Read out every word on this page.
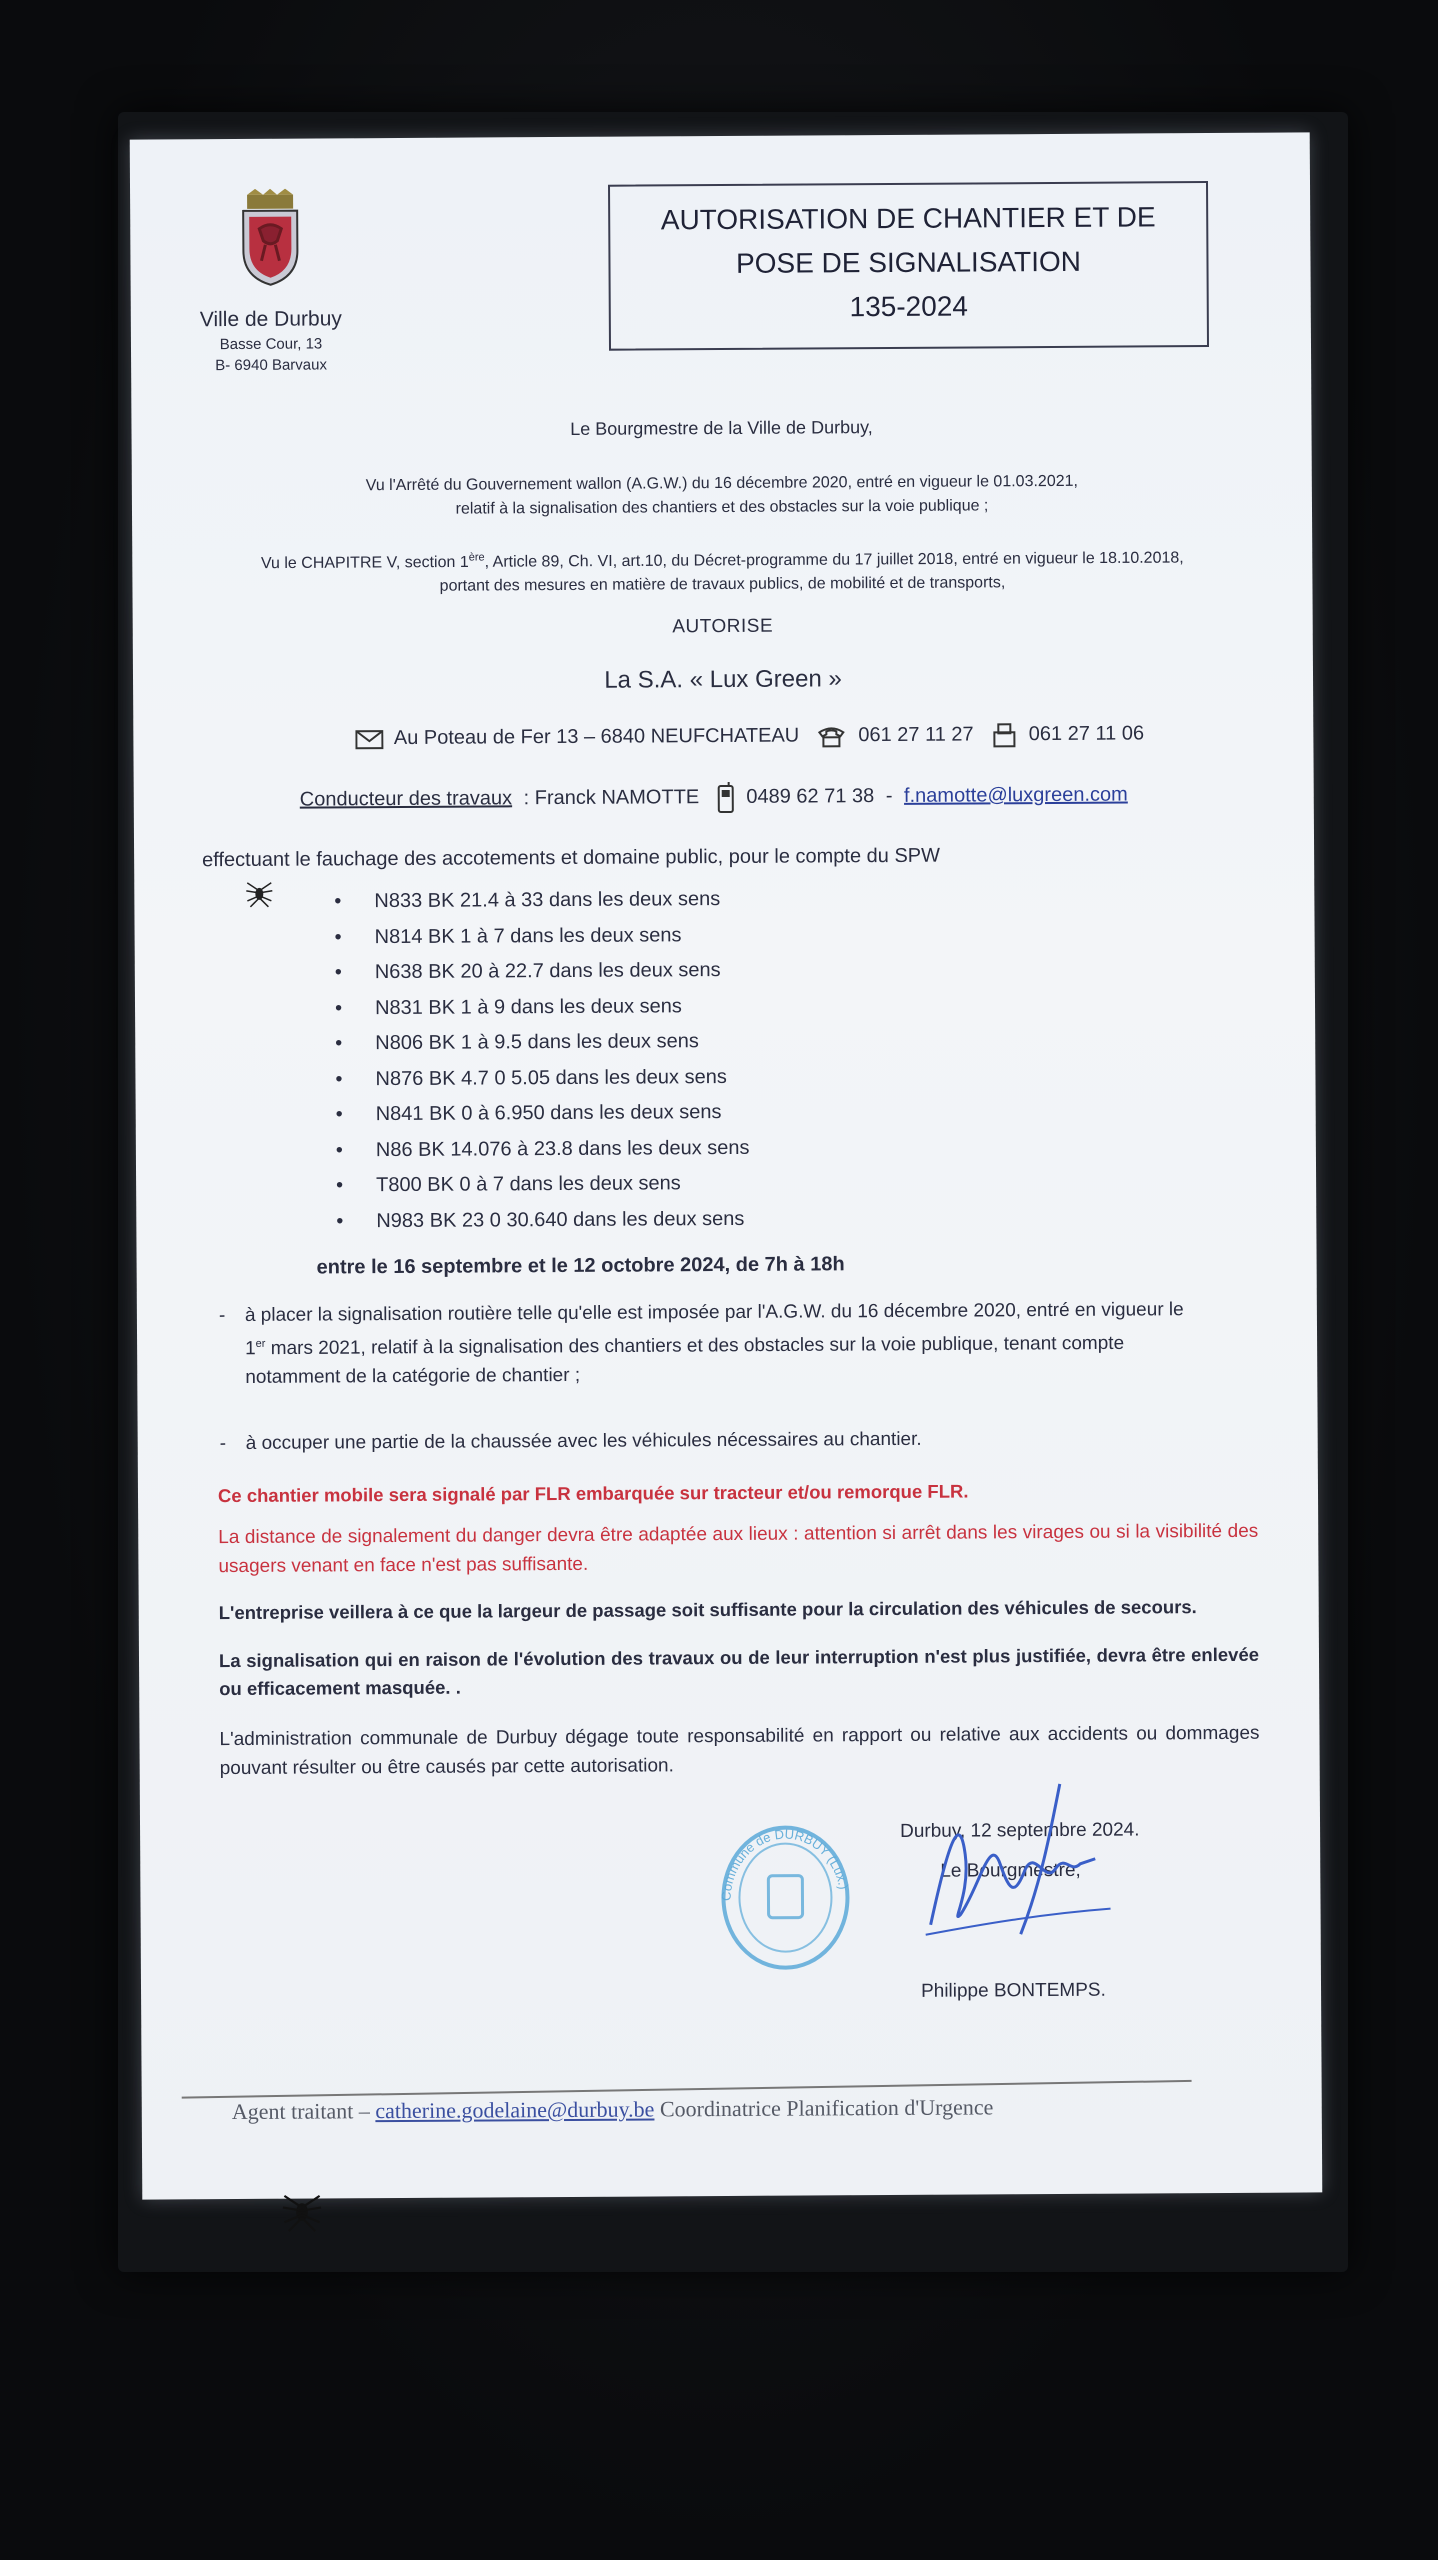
Ville de Durbuy
Basse Cour, 13
B- 6940 Barvaux
AUTORISATION DE CHANTIER ET DE
POSE DE SIGNALISATION
135-2024
Le Bourgmestre de la Ville de Durbuy,
Vu l'Arrêté du Gouvernement wallon (A.G.W.) du 16 décembre 2020, entré en vigueur le 01.03.2021,
relatif à la signalisation des chantiers et des obstacles sur la voie publique ;
Vu le CHAPITRE V, section 1ère, Article 89, Ch. VI, art.10, du Décret-programme du 17 juillet 2018, entré en vigueur le 18.10.2018,
portant des mesures en matière de travaux publics, de mobilité et de transports,
AUTORISE
La S.A. « Lux Green »
Au Poteau de Fer 13 – 6840 NEUFCHATEAU	061 27 11 27	061 27 11 06
Conducteur des travaux : Franck NAMOTTE 0489 62 71 38 - f.namotte@luxgreen.com
effectuant le fauchage des accotements et domaine public, pour le compte du SPW
• N833 BK 21.4 à 33 dans les deux sens
• N814 BK 1 à 7 dans les deux sens
• N638 BK 20 à 22.7 dans les deux sens
• N831 BK 1 à 9 dans les deux sens
• N806 BK 1 à 9.5 dans les deux sens
• N876 BK 4.7 0 5.05 dans les deux sens
• N841 BK 0 à 6.950 dans les deux sens
• N86 BK 14.076 à 23.8 dans les deux sens
• T800 BK 0 à 7 dans les deux sens
• N983 BK 23 0 30.640 dans les deux sens
entre le 16 septembre et le 12 octobre 2024, de 7h à 18h
- à placer la signalisation routière telle qu'elle est imposée par l'A.G.W. du 16 décembre 2020, entré en vigueur le
1er mars 2021, relatif à la signalisation des chantiers et des obstacles sur la voie publique, tenant compte
notamment de la catégorie de chantier ;
- à occuper une partie de la chaussée avec les véhicules nécessaires au chantier.
Ce chantier mobile sera signalé par FLR embarquée sur tracteur et/ou remorque FLR.
La distance de signalement du danger devra être adaptée aux lieux : attention si arrêt dans les virages ou si la visibilité des usagers venant en face n'est pas suffisante.
L'entreprise veillera à ce que la largeur de passage soit suffisante pour la circulation des véhicules de secours.
La signalisation qui en raison de l'évolution des travaux ou de leur interruption n'est plus justifiée, devra être enlevée ou efficacement masquée. .
L'administration communale de Durbuy dégage toute responsabilité en rapport ou relative aux accidents ou dommages pouvant résulter ou être causés par cette autorisation.
Durbuy, 12 septembre 2024.
Le Bourgmestre,
Philippe BONTEMPS.
Commune de DURBUY (Lux.)
Agent traitant – catherine.godelaine@durbuy.be Coordinatrice Planification d'Urgence
